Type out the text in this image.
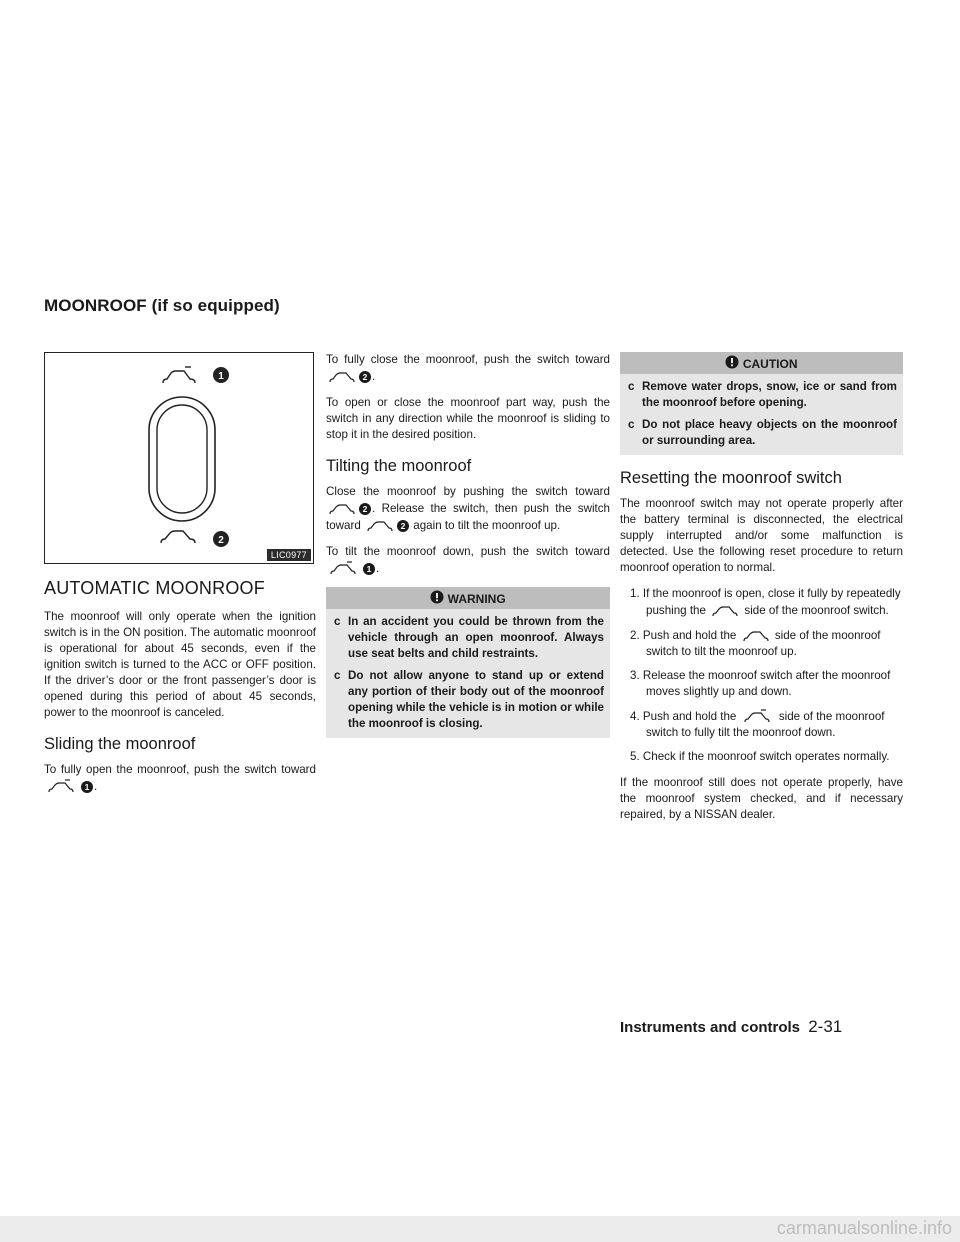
MOONROOF (if so equipped)
1
2
LIC0977
AUTOMATIC MOONROOF

The moonroof will only operate when the ignition switch is in the ON position. The automatic moonroof is operational for about 45 seconds, even if the ignition switch is turned to the ACC or OFF position. If the driver’s door or the front passenger’s door is opened during this period of about 45 seconds, power to the moonroof is canceled.

Sliding the moonroof

To fully open the moonroof, push the switch toward 1 .

To fully close the moonroof, push the switch toward 2 .

To open or close the moonroof part way, push the switch in any direction while the moonroof is sliding to stop it in the desired position.

Tilting the moonroof

Close the moonroof by pushing the switch toward 2 . Release the switch, then push the switch toward	2 again to tilt the moonroof up.

To tilt the moonroof down, push the switch toward 1 .

WARNING
c In an accident you could be thrown from the vehicle through an open moonroof. Always use seat belts and child restraints.
c Do not allow anyone to stand up or extend any portion of their body out of the moonroof opening while the vehicle is in motion or while the moonroof is closing.
CAUTION
c Remove water drops, snow, ice or sand from the moonroof before opening.
c Do not place heavy objects on the moonroof or surrounding area.
Resetting the moonroof switch

The moonroof switch may not operate properly after the battery terminal is disconnected, the electrical supply interrupted and/or some malfunction is detected. Use the following reset procedure to return moonroof operation to normal.

1. If the moonroof is open, close it fully by repeatedly pushing the	side of the moonroof switch.
2. Push and hold the	side of the moonroof switch to tilt the moonroof up.
3. Release the moonroof switch after the moonroof moves slightly up and down.
4. Push and hold the	side of the moonroof switch to fully tilt the moonroof down.
5. Check if the moonroof switch operates normally.

If the moonroof still does not operate properly, have the moonroof system checked, and if necessary repaired, by a NISSAN dealer.

Instruments and controls 2-31
carmanualsonline.info
